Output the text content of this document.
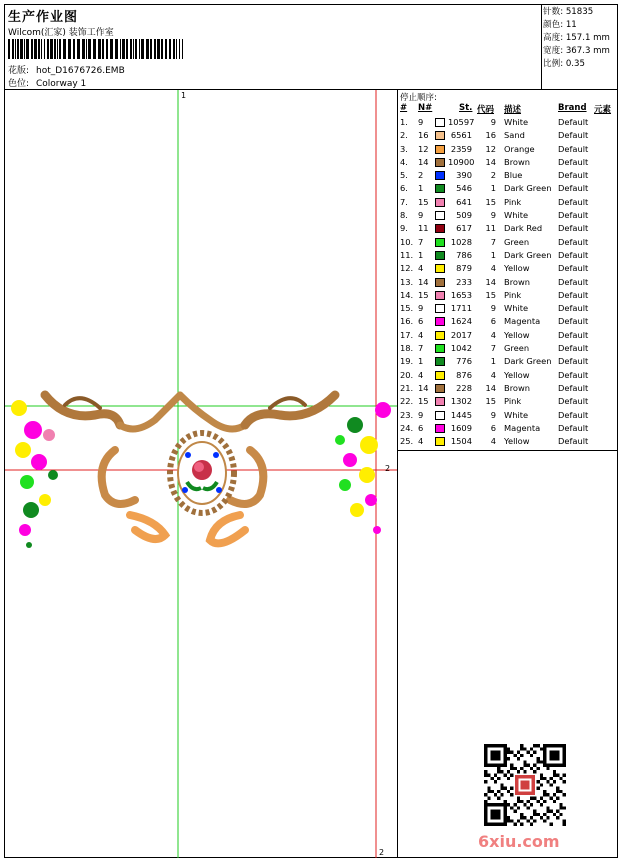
生产作业图
Wilcom(汇家) 装饰工作室
花版: hot_D1676726.EMB
色位: Colorway 1
针数: 51835
颜色: 11
高度: 157.1 mm
宽度: 367.3 mm
比例: 0.35
1
2
2
停止顺序:
# N#	St. 代码 描述	Brand 元素
1. 9	10597	9 White	Default
2. 16	6561	16 Sand	Default
3. 12	2359	12 Orange	Default
4. 14 10900	14 Brown	Default
5. 2	390	2 Blue	Default
6. 1	546	1 Dark Green Default
7. 15	641	15 Pink	Default
8. 9	509	9 White	Default
9. 11	617	11 Dark Red Default
10. 7	1028	7 Green	Default
11. 1	786	1 Dark Green Default
12. 4	879	4 Yellow	Default
13. 14	233	14 Brown	Default
14. 15	1653	15 Pink	Default
15. 9	1711	9 White	Default
16. 6	1624	6 Magenta Default
17. 4	2017	4 Yellow	Default
18. 7	1042	7 Green	Default
19. 1	776	1 Dark Green Default
20. 4	876	4 Yellow	Default
21. 14	228	14 Brown	Default
22. 15	1302	15 Pink	Default
23. 9	1445	9 White	Default
24. 6	1609	6 Magenta Default
25. 4	1504	4 Yellow	Default
6xiu.com
